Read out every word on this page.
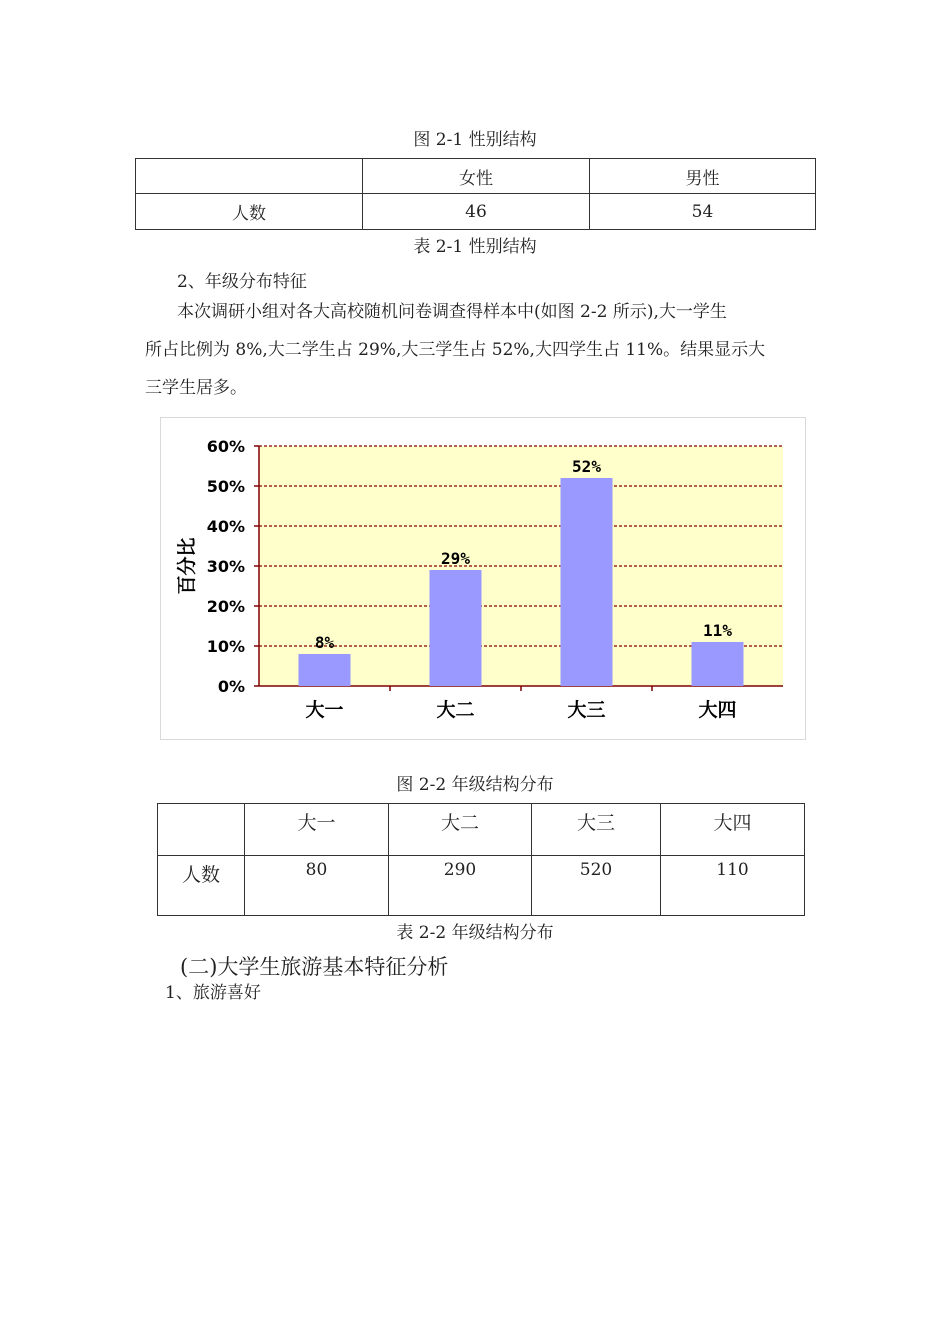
图 2-1 性别结构
	女性	男性
人数	46	54
表 2-1 性别结构
2、年级分布特征
本次调研小组对各大高校随机问卷调查得样本中(如图 2-2 所示),大一学生
所占比例为 8%,大二学生占 29%,大三学生占 52%,大四学生占 11%。结果显示大
三学生居多。
0%
10%
20%
30%
40%
50%
60%
8%
大一
29%
大二
52%
大三
11%
大四
百分比
图 2-2 年级结构分布
	大一	大二	大三	大四
人数	80	290	520	110
表 2-2 年级结构分布
(二)大学生旅游基本特征分析
1、旅游喜好
